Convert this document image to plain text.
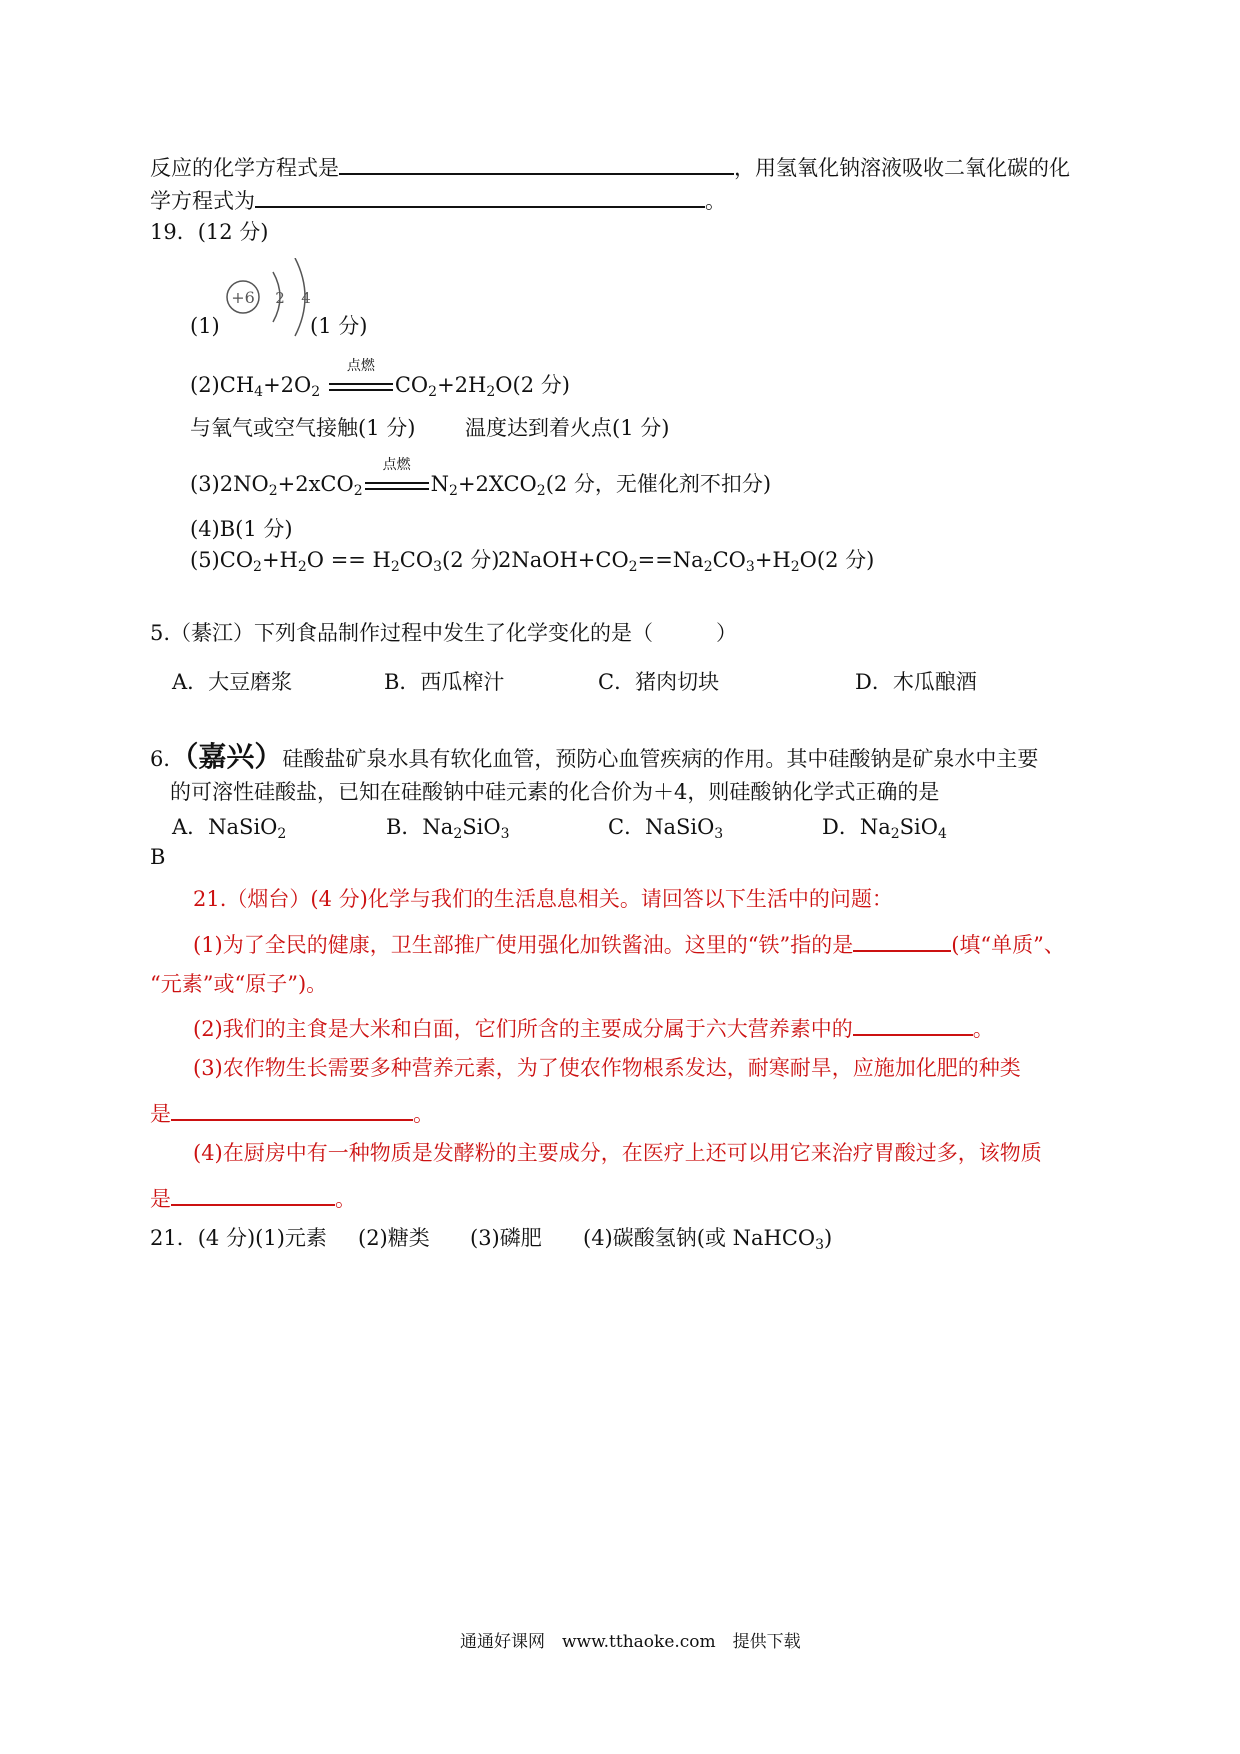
反应的化学方程式是	，用氢氧化钠溶液吸收二氧化碳的化
学方程式为	。
19．(12 分)
+6 2 4
(1)	(1 分)
$(2)CH_4+2O_2$
点燃
$CO_2+2H_2O(2$ 分)
与氧气或空气接触(1 分) 温度达到着火点(1 分)
$(3)2NO_2+2xCO_2$
点燃
$N_2+2XCO_2(2$ 分，无催化剂不扣分)
(4)B(1 分)
$(5)CO_2+H_2O == H_2CO_3(2$ 分)
$2NaOH+CO_2==Na_2CO_3+H_2O(2$ 分)
5.（綦江）下列食品制作过程中发生了化学变化的是（　　　）
A．大豆磨浆	B．西瓜榨汁	C．猪肉切块	D．木瓜酿酒
6．（嘉兴）硅酸盐矿泉水具有软化血管，预防心血管疾病的作用。其中硅酸钠是矿泉水中主要
的可溶性硅酸盐，已知在硅酸钠中硅元素的化合价为＋4，则硅酸钠化学式正确的是
A．NaSiO$_2$	B．$Na_2SiO_3$	C．NaSiO$_3$	D．$Na_2SiO_4$
B
21.（烟台）(4 分)化学与我们的生活息息相关。请回答以下生活中的问题：
(1)为了全民的健康，卫生部推广使用强化加铁酱油。这里的“铁”指的是	(填“单质”、
“元素”或“原子”)。
(2)我们的主食是大米和白面，它们所含的主要成分属于六大营养素中的	。
(3)农作物生长需要多种营养元素，为了使农作物根系发达，耐寒耐旱，应施加化肥的种类
是	。
(4)在厨房中有一种物质是发酵粉的主要成分，在医疗上还可以用它来治疗胃酸过多，该物质
是	。
21．(4 分)(1)元素 (2)糖类 (3)磷肥 (4)碳酸氢钠(或 NaHCO$_3$)
通通好课网　www.tthaoke.com　提供下载
